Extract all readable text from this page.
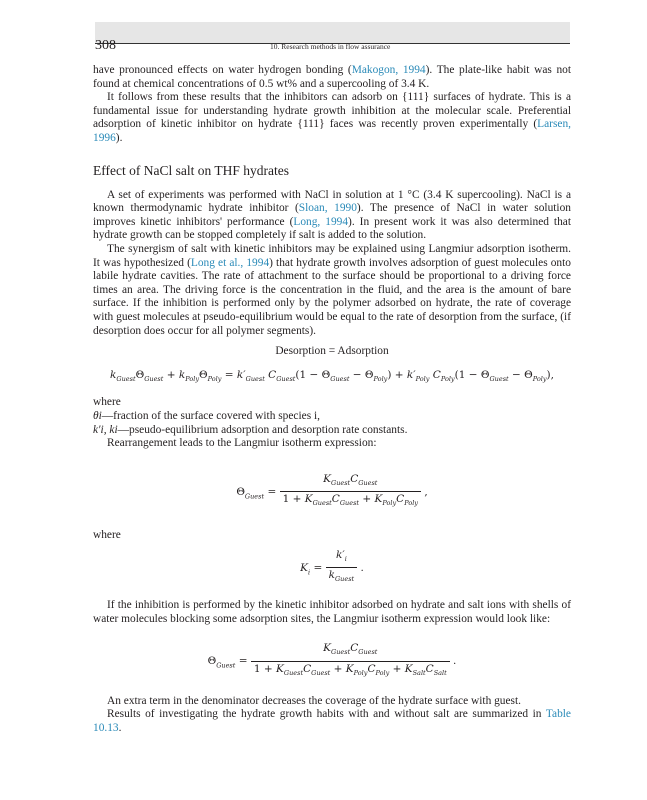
308	10. Research methods in flow assurance

have pronounced effects on water hydrogen bonding (Makogon, 1994). The plate-like habit was not found at chemical concentrations of 0.5 wt% and a supercooling of 3.4 K.

It follows from these results that the inhibitors can adsorb on {111} surfaces of hydrate. This is a fundamental issue for understanding hydrate growth inhibition at the molecular scale. Preferential adsorption of kinetic inhibitor on hydrate {111} faces was recently proven experimentally (Larsen, 1996).

Effect of NaCl salt on THF hydrates

A set of experiments was performed with NaCl in solution at 1 °C (3.4 K supercooling). NaCl is a known thermodynamic hydrate inhibitor (Sloan, 1990). The presence of NaCl in water solution improves kinetic inhibitors' performance (Long, 1994). In present work it was also determined that hydrate growth can be stopped completely if salt is added to the solution.

The synergism of salt with kinetic inhibitors may be explained using Langmiur adsorption isotherm. It was hypothesized (Long et al., 1994) that hydrate growth involves adsorption of guest molecules onto labile hydrate cavities. The rate of attachment to the surface should be proportional to a driving force times an area. The driving force is the concentration in the fluid, and the area is the amount of bare surface. If the inhibition is performed only by the polymer adsorbed on hydrate, the rate of coverage with guest molecules at pseudo-equilibrium would be equal to the rate of desorption from the surface, (if desorption does occur for all polymer segments).

Desorption = Adsorption
$k_{Guest}\Theta_{Guest} + k_{Poly}\Theta_{Poly} = k'_{Guest}$ $C_{Guest}(1 - \Theta_{Guest} - \Theta_{Poly}) + k'_{Poly}$ $C_{Poly}(1 - \Theta_{Guest} - \Theta_{Poly})$,

where

θi—fraction of the surface covered with species i,

k′i, ki—pseudo-equilibrium adsorption and desorption rate constants.

Rearrangement leads to the Langmiur isotherm expression:

$\Theta_{Guest} = \frac{K_{Guest}C_{Guest}}{1 + K_{Guest}C_{Guest} + K_{Poly}C_{Poly}}$ ,

where

$K_i = \frac{k'_i}{k_{Guest}}$ .

If the inhibition is performed by the kinetic inhibitor adsorbed on hydrate and salt ions with shells of water molecules blocking some adsorption sites, the Langmiur isotherm expression would look like:

$\Theta_{Guest} = \frac{K_{Guest}C_{Guest}}{1 + K_{Guest}C_{Guest} + K_{Poly}C_{Poly} + K_{Salt}C_{Salt}}$ .

An extra term in the denominator decreases the coverage of the hydrate surface with guest.

Results of investigating the hydrate growth habits with and without salt are summarized in Table 10.13.
